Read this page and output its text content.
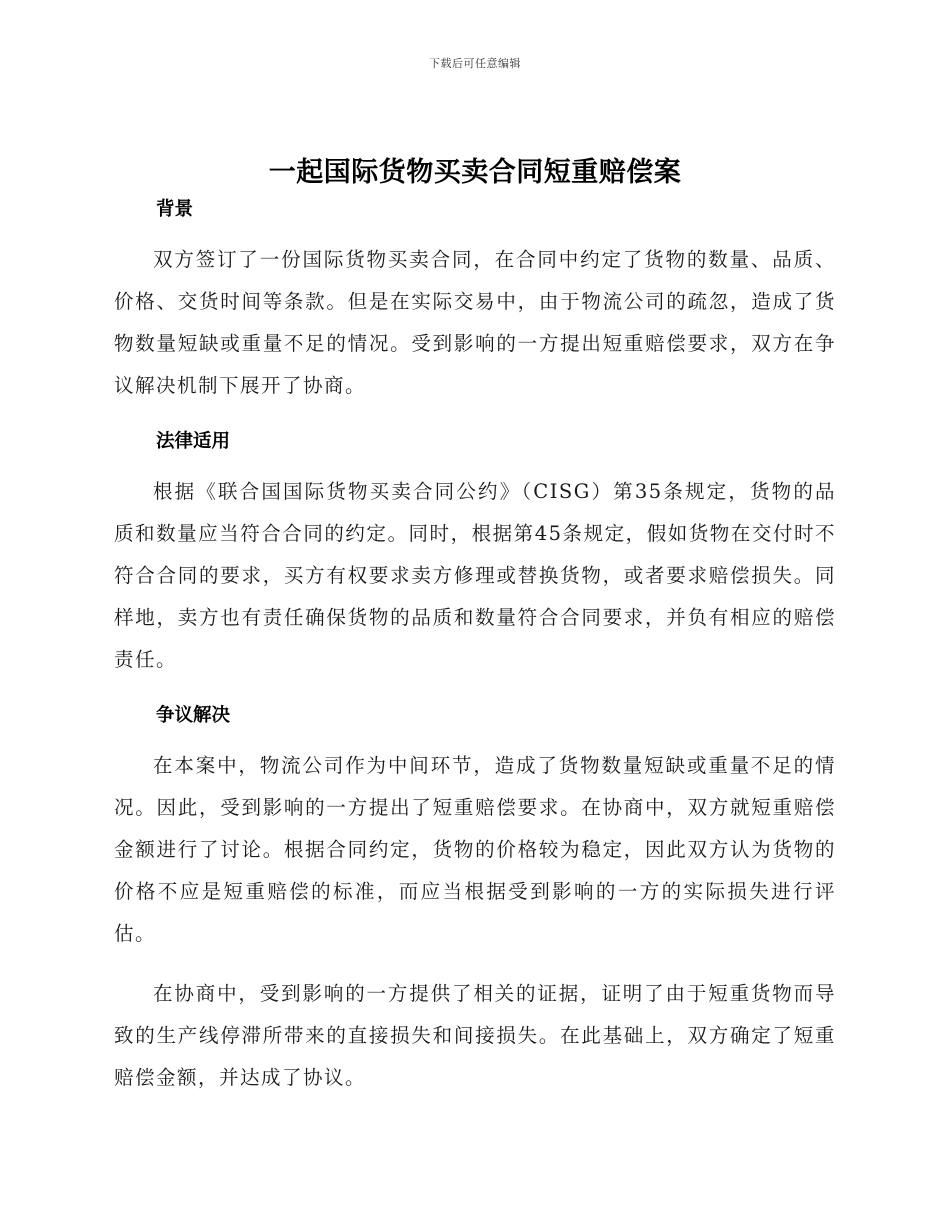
下载后可任意编辑
一起国际货物买卖合同短重赔偿案
背景

双方签订了一份国际货物买卖合同，在合同中约定了货物的数量、品质、价格、交货时间等条款。但是在实际交易中，由于物流公司的疏忽，造成了货物数量短缺或重量不足的情况。受到影响的一方提出短重赔偿要求，双方在争议解决机制下展开了协商。

法律适用

根据《联合国国际货物买卖合同公约》（CISG）第35条规定，货物的品质和数量应当符合合同的约定。同时，根据第45条规定，假如货物在交付时不符合合同的要求，买方有权要求卖方修理或替换货物，或者要求赔偿损失。同样地，卖方也有责任确保货物的品质和数量符合合同要求，并负有相应的赔偿责任。

争议解决

在本案中，物流公司作为中间环节，造成了货物数量短缺或重量不足的情况。因此，受到影响的一方提出了短重赔偿要求。在协商中，双方就短重赔偿金额进行了讨论。根据合同约定，货物的价格较为稳定，因此双方认为货物的价格不应是短重赔偿的标准，而应当根据受到影响的一方的实际损失进行评估。

在协商中，受到影响的一方提供了相关的证据，证明了由于短重货物而导致的生产线停滞所带来的直接损失和间接损失。在此基础上，双方确定了短重赔偿金额，并达成了协议。
